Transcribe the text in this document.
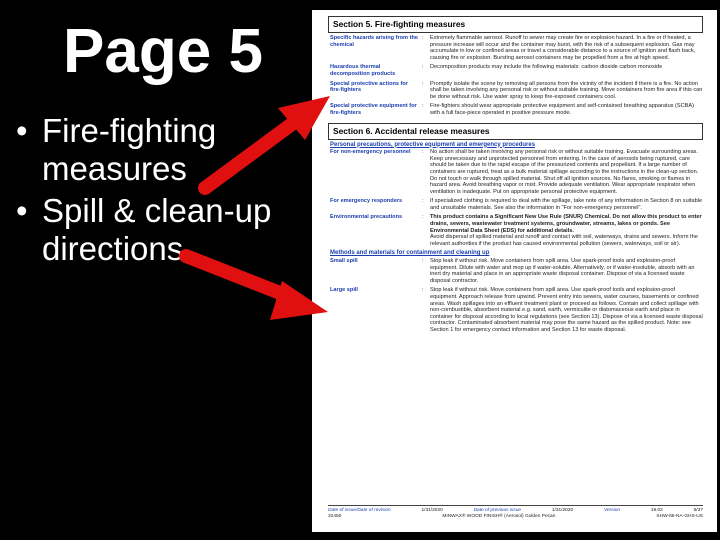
Page 5
• Fire-fighting measures
• Spill & clean-up directions
Section 5. Fire-fighting measures
Specific hazards arising from the chemical
:	Extremely flammable aerosol. Runoff to sewer may create fire or explosion hazard. In a fire or if heated, a pressure increase will occur and the container may burst, with the risk of a subsequent explosion. Gas may accumulate in low or confined areas or travel a considerable distance to a source of ignition and flash back, causing fire or explosion. Bursting aerosol containers may be propelled from a fire at high speed.
Hazardous thermal decomposition products
:	Decomposition products may include the following materials: carbon dioxide carbon monoxide
Special protective actions for fire-fighters
:	Promptly isolate the scene by removing all persons from the vicinity of the incident if there is a fire. No action shall be taken involving any personal risk or without suitable training. Move containers from fire area if this can be done without risk. Use water spray to keep fire-exposed containers cool.
Special protective equipment for fire-fighters
:	Fire-fighters should wear appropriate protective equipment and self-contained breathing apparatus (SCBA) with a full face-piece operated in positive pressure mode.
Section 6. Accidental release measures
Personal precautions, protective equipment and emergency procedures
For non-emergency personnel	:	No action shall be taken involving any personal risk or without suitable training. Evacuate surrounding areas. Keep unnecessary and unprotected personnel from entering. In the case of aerosols being ruptured, care should be taken due to the rapid escape of the pressurized contents and propellant. If a large number of containers are ruptured, treat as a bulk material spillage according to the instructions in the clean-up section. Do not touch or walk through spilled material. Shut off all ignition sources. No flares, smoking or flames in hazard area. Avoid breathing vapor or mist. Provide adequate ventilation. Wear appropriate respirator when ventilation is inadequate. Put on appropriate personal protective equipment.
For emergency responders	:	If specialized clothing is required to deal with the spillage, take note of any information in Section 8 on suitable and unsuitable materials. See also the information in "For non-emergency personnel".
Environmental precautions	:	This product contains a Significant New Use Rule (SNUR) Chemical. Do not allow this product to enter drains, sewers, wastewater treatment systems, groundwater, streams, lakes or ponds. See Environmental Data Sheet (EDS) for additional details.
Avoid dispersal of spilled material and runoff and contact with soil, waterways, drains and sewers. Inform the relevant authorities if the product has caused environmental pollution (sewers, waterways, soil or air).
Methods and materials for containment and cleaning up
Small spill	:	Stop leak if without risk. Move containers from spill area. Use spark-proof tools and explosion-proof equipment. Dilute with water and mop up if water-soluble. Alternatively, or if water-insoluble, absorb with an inert dry material and place in an appropriate waste disposal container. Dispose of via a licensed waste disposal contractor.
Large spill	:	Stop leak if without risk. Move containers from spill area. Use spark-proof tools and explosion-proof equipment. Approach release from upwind. Prevent entry into sewers, water courses, basements or confined areas. Wash spillages into an effluent treatment plant or proceed as follows. Contain and collect spillage with non-combustible, absorbent material e.g. sand, earth, vermiculite or diatomaceous earth and place in container for disposal according to local regulations (see Section 13). Dispose of via a licensed waste disposal contractor. Contaminated absorbent material may pose the same hazard as the spilled product. Note: see Section 1 for emergency contact information and Section 13 for waste disposal.
Date of issue/Date of revision	1/31/2020	Date of previous issue	1/31/2020	Version	19.02	5/37
32450	MINWAX® WOOD FINISH® (Aerosol) Golden Pecan	SHW-85-NA-GHS-US
